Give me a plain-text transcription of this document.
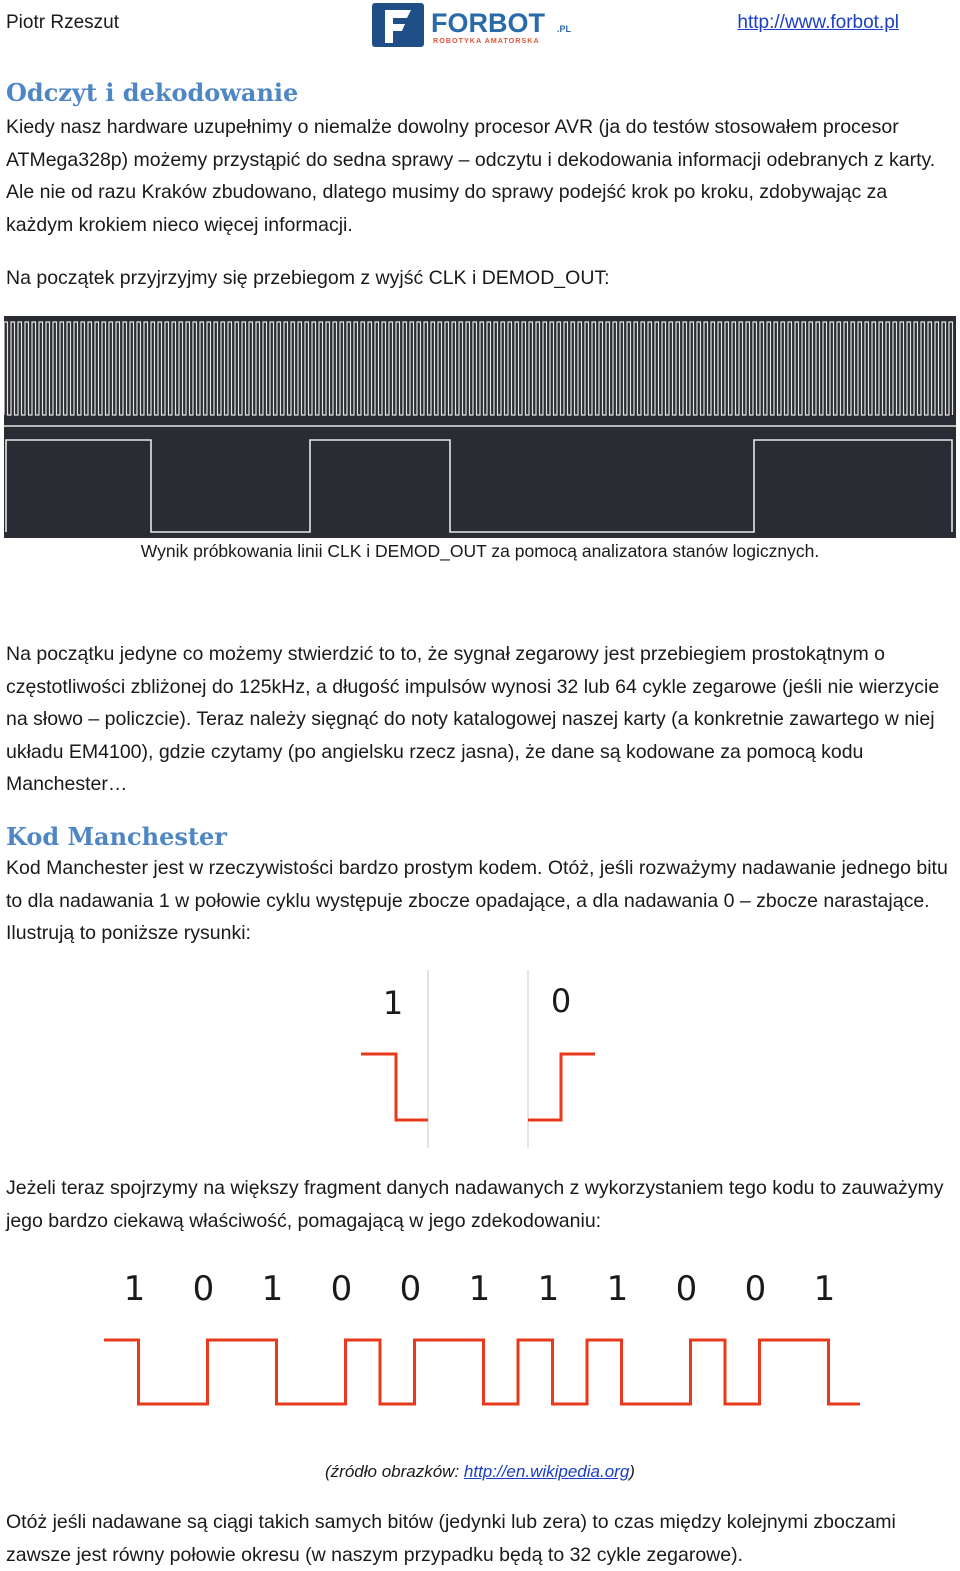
Piotr Rzeszut	FORBOT .PL
ROBOTYKA AMATORSKA
http://www.forbot.pl
Odczyt i dekodowanie

Kiedy nasz hardware uzupełnimy o niemalże dowolny procesor AVR (ja do testów stosowałem procesor ATMega328p) możemy przystąpić do sedna sprawy – odczytu i dekodowania informacji odebranych z karty. Ale nie od razu Kraków zbudowano, dlatego musimy do sprawy podejść krok po kroku, zdobywając za każdym krokiem nieco więcej informacji.

Na początek przyjrzyjmy się przebiegom z wyjść CLK i DEMOD_OUT:

Wynik próbkowania linii CLK i DEMOD_OUT za pomocą analizatora stanów logicznych.

Na początku jedyne co możemy stwierdzić to to, że sygnał zegarowy jest przebiegiem prostokątnym o częstotliwości zbliżonej do 125kHz, a długość impulsów wynosi 32 lub 64 cykle zegarowe (jeśli nie wierzycie na słowo – policzcie). Teraz należy sięgnąć do noty katalogowej naszej karty (a konkretnie zawartego w niej układu EM4100), gdzie czytamy (po angielsku rzecz jasna), że dane są kodowane za pomocą kodu Manchester…

Kod Manchester

Kod Manchester jest w rzeczywistości bardzo prostym kodem. Otóż, jeśli rozważymy nadawanie jednego bitu to dla nadawania 1 w połowie cyklu występuje zbocze opadające, a dla nadawania 0 – zbocze narastające. Ilustrują to poniższe rysunki:

1	0

Jeżeli teraz spojrzymy na większy fragment danych nadawanych z wykorzystaniem tego kodu to zauważymy jego bardzo ciekawą właściwość, pomagającą w jego zdekodowaniu:

1 0 1 0 0 1 1 1 0 0 1
(źródło obrazków: http://en.wikipedia.org)

Otóż jeśli nadawane są ciągi takich samych bitów (jedynki lub zera) to czas między kolejnymi zboczami zawsze jest równy połowie okresu (w naszym przypadku będą to 32 cykle zegarowe).
